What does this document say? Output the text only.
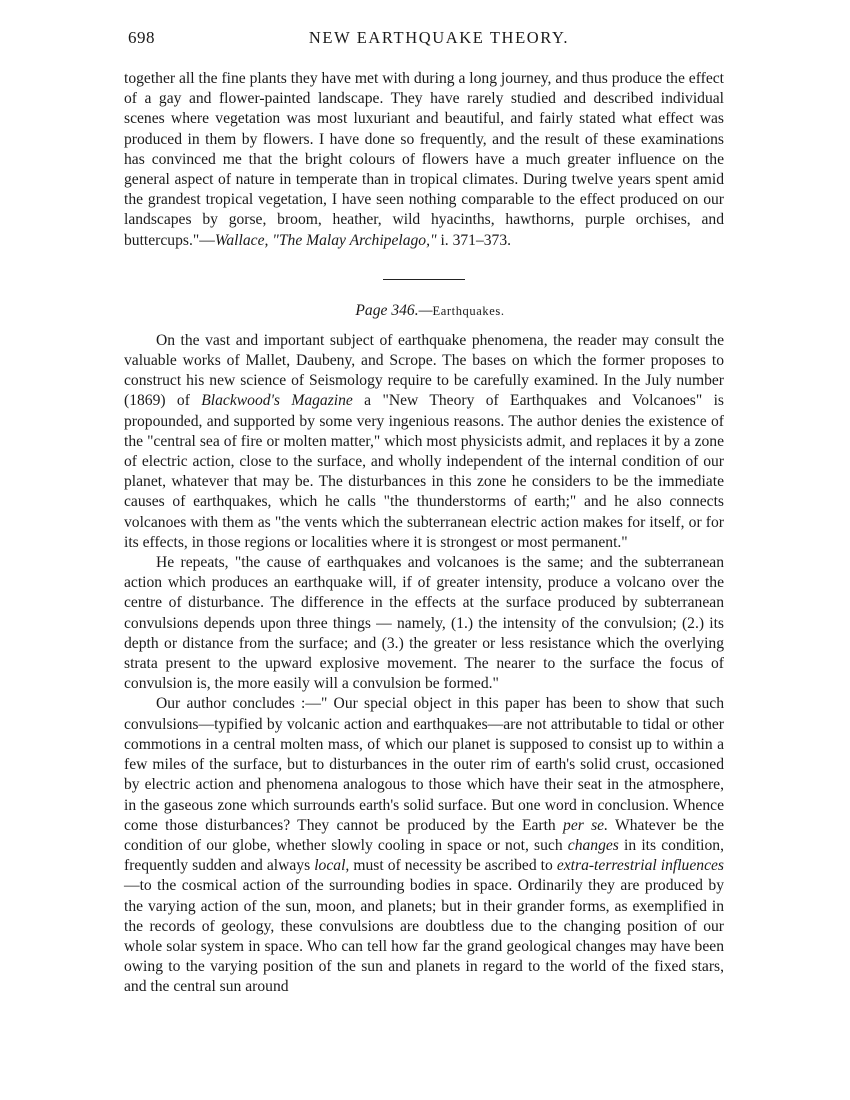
698	NEW EARTHQUAKE THEORY.

together all the fine plants they have met with during a long journey, and thus produce the effect of a gay and flower-painted landscape. They have rarely studied and described individual scenes where vegetation was most luxuriant and beautiful, and fairly stated what effect was produced in them by flowers. I have done so frequently, and the result of these examinations has convinced me that the bright colours of flowers have a much greater influence on the general aspect of nature in temperate than in tropical climates. During twelve years spent amid the grandest tropical vegetation, I have seen nothing comparable to the effect produced on our landscapes by gorse, broom, heather, wild hyacinths, hawthorns, purple orchises, and buttercups."—Wallace, "The Malay Archipelago," i. 371–373.

Page 346.—Earthquakes.

On the vast and important subject of earthquake phenomena, the reader may consult the valuable works of Mallet, Daubeny, and Scrope. The bases on which the former proposes to construct his new science of Seismology require to be carefully examined. In the July number (1869) of Blackwood's Magazine a "New Theory of Earthquakes and Volcanoes" is propounded, and supported by some very ingenious reasons. The author denies the existence of the "central sea of fire or molten matter," which most physicists admit, and replaces it by a zone of electric action, close to the surface, and wholly independent of the internal condition of our planet, whatever that may be. The disturbances in this zone he considers to be the immediate causes of earthquakes, which he calls "the thunderstorms of earth;" and he also connects volcanoes with them as "the vents which the subterranean electric action makes for itself, or for its effects, in those regions or localities where it is strongest or most permanent."

He repeats, "the cause of earthquakes and volcanoes is the same; and the subterranean action which produces an earthquake will, if of greater intensity, produce a volcano over the centre of disturbance. The difference in the effects at the surface produced by subterranean convulsions depends upon three things — namely, (1.) the intensity of the convulsion; (2.) its depth or distance from the surface; and (3.) the greater or less resistance which the overlying strata present to the upward explosive movement. The nearer to the surface the focus of convulsion is, the more easily will a convulsion be formed."

Our author concludes :—" Our special object in this paper has been to show that such convulsions—typified by volcanic action and earthquakes—are not attributable to tidal or other commotions in a central molten mass, of which our planet is supposed to consist up to within a few miles of the surface, but to disturbances in the outer rim of earth's solid crust, occasioned by electric action and phenomena analogous to those which have their seat in the atmosphere, in the gaseous zone which surrounds earth's solid surface. But one word in conclusion. Whence come those disturbances? They cannot be produced by the Earth per se. Whatever be the condition of our globe, whether slowly cooling in space or not, such changes in its condition, frequently sudden and always local, must of necessity be ascribed to extra-terrestrial influences—to the cosmical action of the surrounding bodies in space. Ordinarily they are produced by the varying action of the sun, moon, and planets; but in their grander forms, as exemplified in the records of geology, these convulsions are doubtless due to the changing position of our whole solar system in space. Who can tell how far the grand geological changes may have been owing to the varying position of the sun and planets in regard to the world of the fixed stars, and the central sun around
